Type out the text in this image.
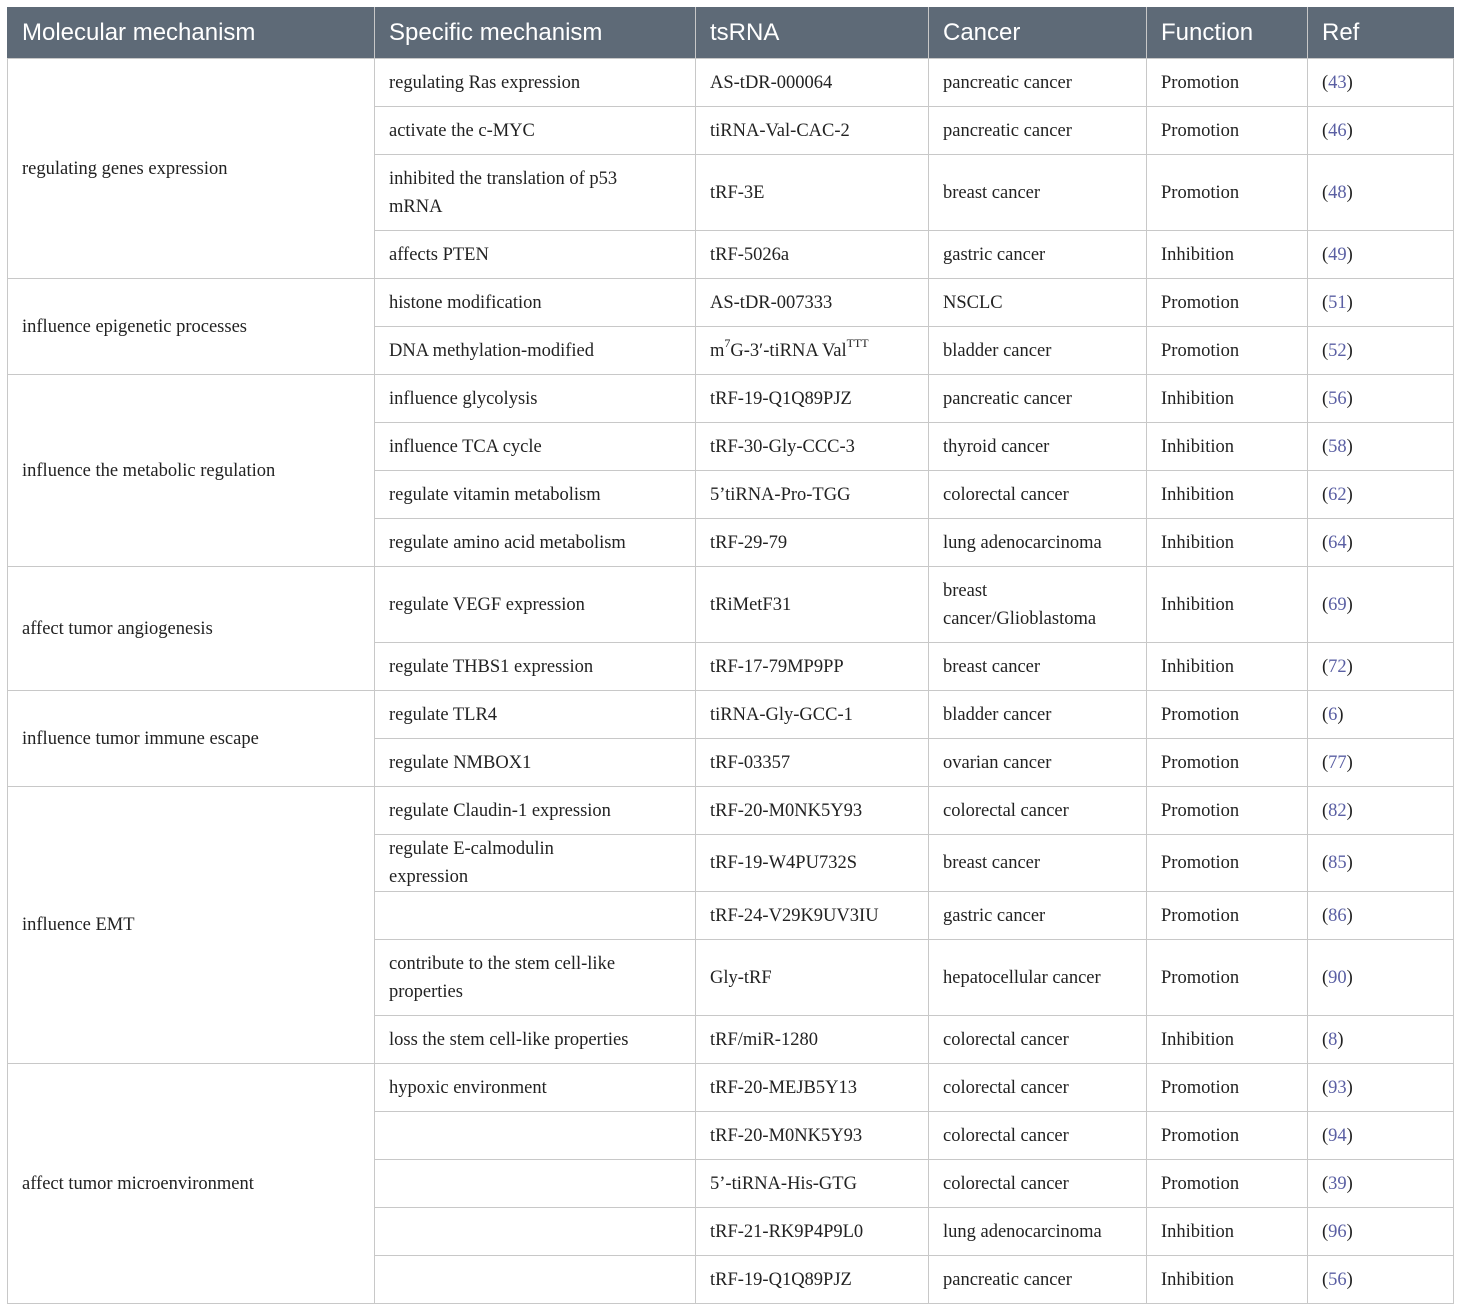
Molecular mechanism	Specific mechanism	tsRNA	Cancer	Function	Ref
regulating genes expression	regulating Ras expression	AS-tDR-000064	pancreatic cancer	Promotion	(43)
	activate the c-MYC	tiRNA-Val-CAC-2	pancreatic cancer	Promotion	(46)
	inhibited the translation of p53 mRNA	tRF-3E	breast cancer	Promotion	(48)
	affects PTEN	tRF-5026a	gastric cancer	Inhibition	(49)
influence epigenetic processes	histone modification	AS-tDR-007333	NSCLC	Promotion	(51)
	DNA methylation-modified	$m^7G-3'$-tiRNA Val$^{TTT}$	bladder cancer	Promotion	(52)
influence the metabolic regulation	influence glycolysis	tRF-19-Q1Q89PJZ	pancreatic cancer	Inhibition	(56)
	influence TCA cycle	tRF-30-Gly-CCC-3	thyroid cancer	Inhibition	(58)
	regulate vitamin metabolism	5’tiRNA-Pro-TGG	colorectal cancer	Inhibition	(62)
	regulate amino acid metabolism	tRF-29-79	lung adenocarcinoma	Inhibition	(64)
affect tumor angiogenesis	regulate VEGF expression	tRiMetF31	breast cancer/Glioblastoma	Inhibition	(69)
	regulate THBS1 expression	tRF-17-79MP9PP	breast cancer	Inhibition	(72)
influence tumor immune escape	regulate TLR4	tiRNA-Gly-GCC-1	bladder cancer	Promotion	(6)
	regulate NMBOX1	tRF-03357	ovarian cancer	Promotion	(77)
influence EMT	regulate Claudin-1 expression	tRF-20-M0NK5Y93	colorectal cancer	Promotion	(82)
	regulate E-calmodulin expression	tRF-19-W4PU732S	breast cancer	Promotion	(85)
		tRF-24-V29K9UV3IU	gastric cancer	Promotion	(86)
	contribute to the stem cell-like properties	Gly-tRF	hepatocellular cancer	Promotion	(90)
	loss the stem cell-like properties	tRF/miR-1280	colorectal cancer	Inhibition	(8)
affect tumor microenvironment	hypoxic environment	tRF-20-MEJB5Y13	colorectal cancer	Promotion	(93)
		tRF-20-M0NK5Y93	colorectal cancer	Promotion	(94)
		5’-tiRNA-His-GTG	colorectal cancer	Promotion	(39)
		tRF-21-RK9P4P9L0	lung adenocarcinoma	Inhibition	(96)
		tRF-19-Q1Q89PJZ	pancreatic cancer	Inhibition	(56)
